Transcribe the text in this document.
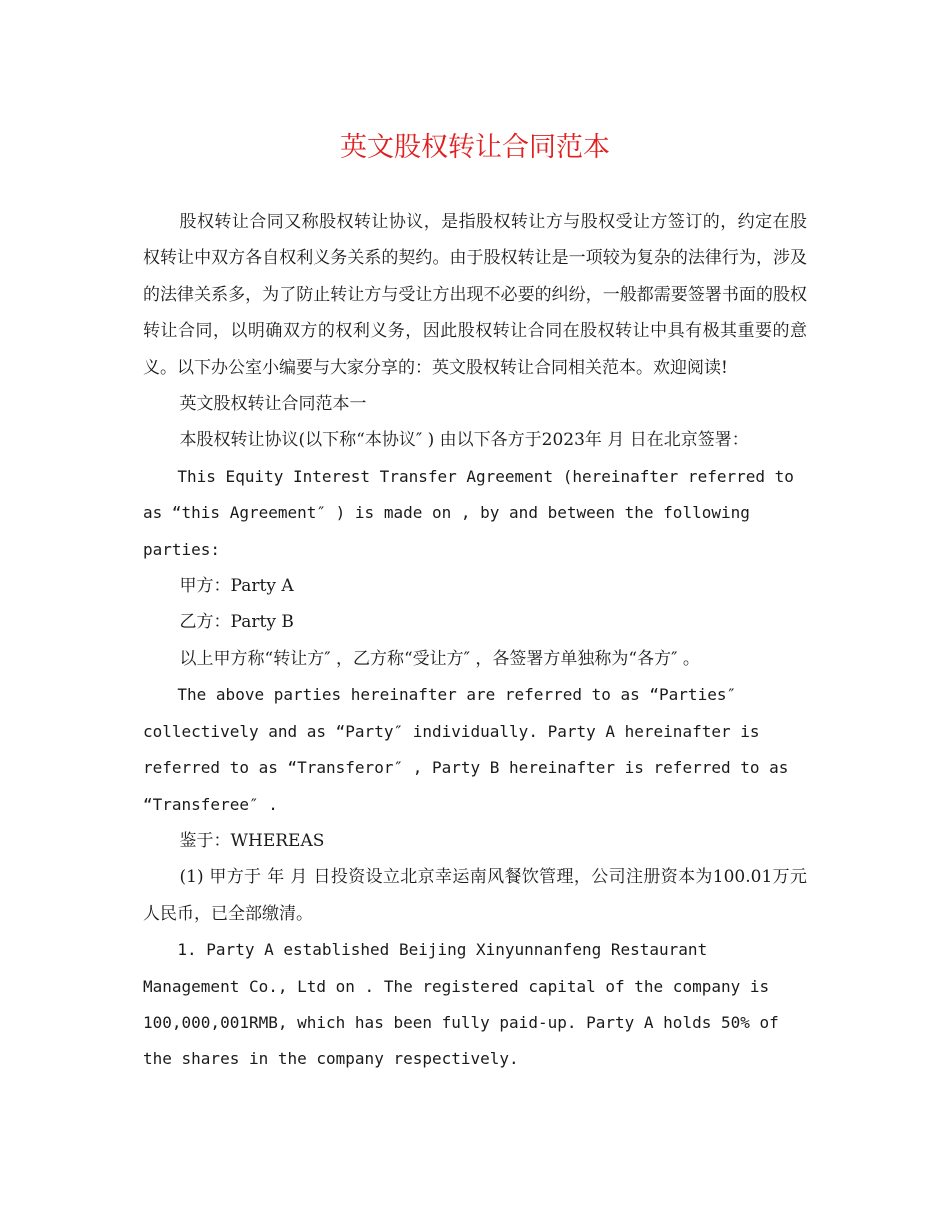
英文股权转让合同范本

股权转让合同又称股权转让协议，是指股权转让方与股权受让方签订的，约定在股权转让中双方各自权利义务关系的契约。由于股权转让是一项较为复杂的法律行为，涉及的法律关系多，为了防止转让方与受让方出现不必要的纠纷，一般都需要签署书面的股权转让合同，以明确双方的权利义务，因此股权转让合同在股权转让中具有极其重要的意义。以下办公室小编要与大家分享的：英文股权转让合同相关范本。欢迎阅读!

英文股权转让合同范本一

本股权转让协议(以下称“本协议″ ) 由以下各方于2023年 月 日在北京签署：

This Equity Interest Transfer Agreement (hereinafter referred to as “this Agreement″ ) is made on , by and between the following parties:

甲方：Party A

乙方：Party B

以上甲方称“转让方″ ，乙方称“受让方″ ，各签署方单独称为“各方″ 。

The above parties hereinafter are referred to as “Parties″ collectively and as “Party″ individually. Party A hereinafter is referred to as “Transferor″ , Party B hereinafter is referred to as “Transferee″ .

鉴于：WHEREAS

(1) 甲方于 年 月 日投资设立北京幸运南风餐饮管理，公司注册资本为100.01万元人民币，已全部缴清。

1. Party A established Beijing Xinyunnanfeng Restaurant Management Co., Ltd on . The registered capital of the company is 100,000,001RMB, which has been fully paid-up. Party A holds 50% of the shares in the company respectively.
